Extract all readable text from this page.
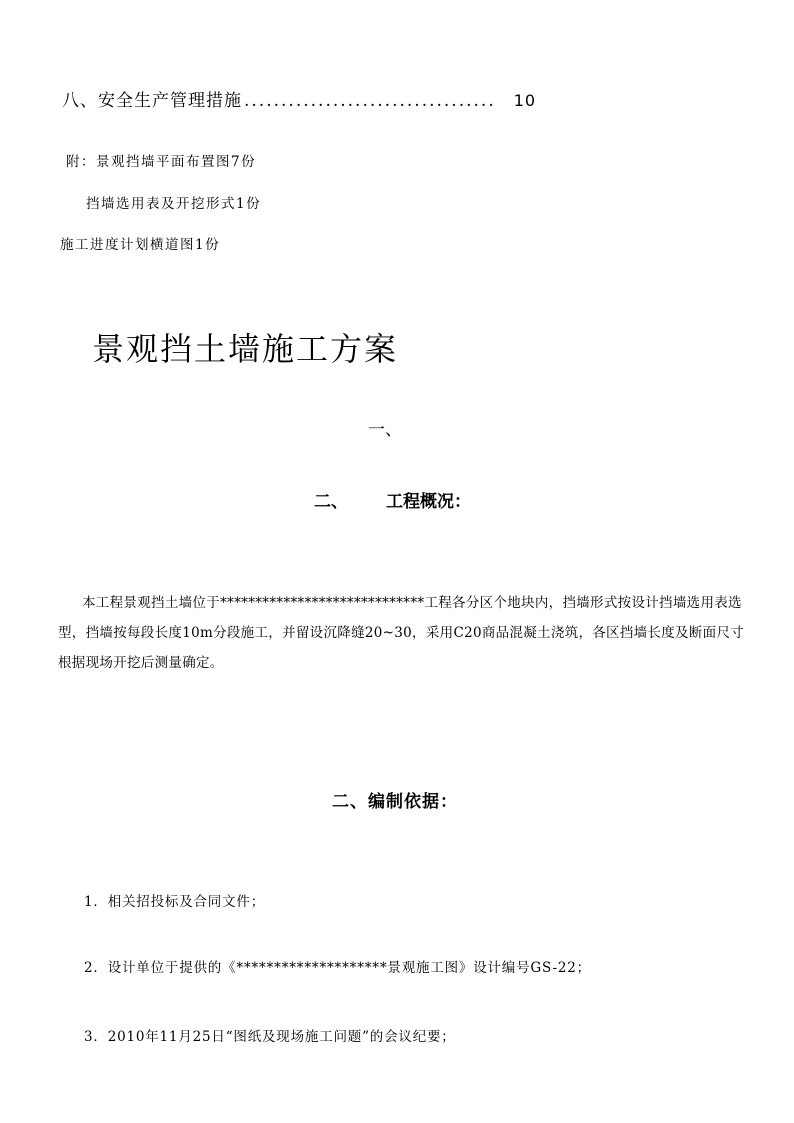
八、安全生产管理措施 .................................. 10
附：景观挡墙平面布置图7份
挡墙选用表及开挖形式1份
施工进度计划横道图1份
景观挡土墙施工方案
一、
二、 工程概况：
本工程景观挡土墙位于*****************************工程各分区个地块内，挡墙形式按设计挡墙选用表选型，挡墙按每段长度10m分段施工，并留设沉降缝20~30，采用C20商品混凝土浇筑，各区挡墙长度及断面尺寸根据现场开挖后测量确定。
二、编制依据：
1．相关招投标及合同文件；
2．设计单位于提供的《********************景观施工图》设计编号GS-22；
3．2010年11月25日“图纸及现场施工问题”的会议纪要；
